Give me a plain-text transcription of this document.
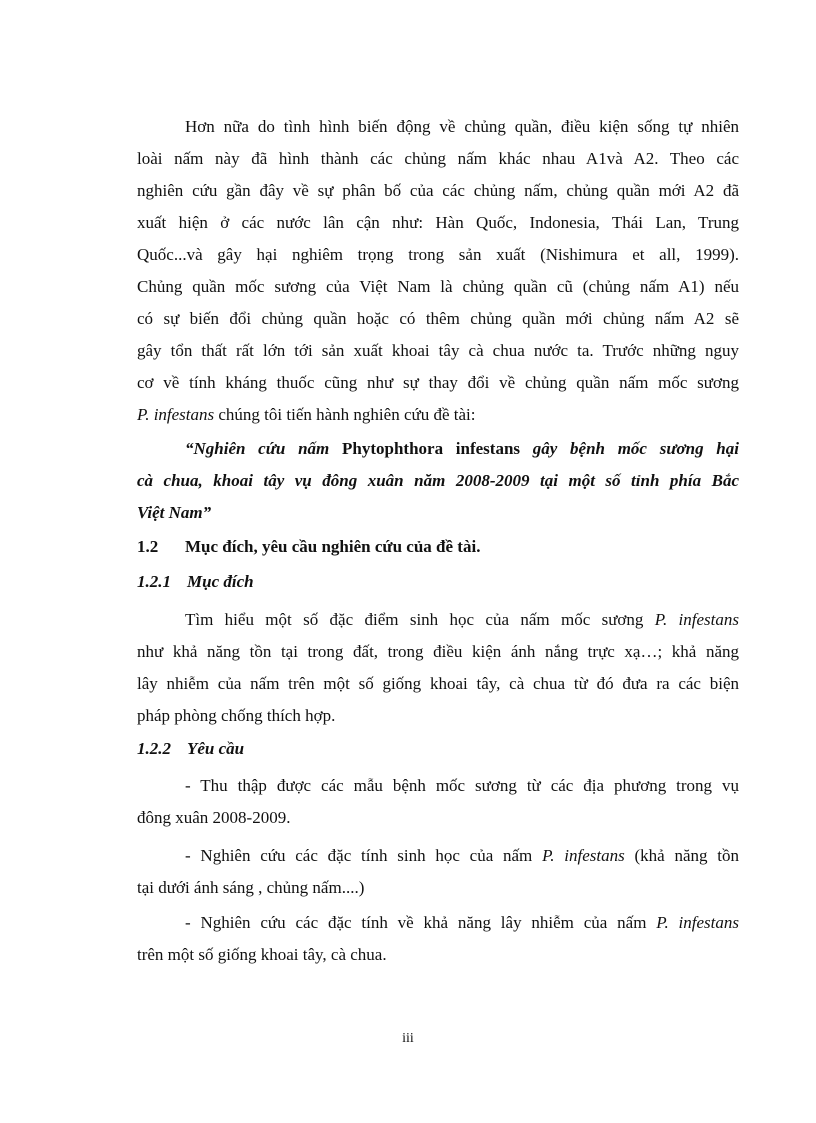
Hơn nữa do tình hình biến động về chủng quần, điều kiện sống tự nhiên
loài nấm này đã hình thành các chủng nấm khác nhau A1và A2. Theo các
nghiên cứu gần đây về sự phân bố của các chủng nấm, chủng quần mới A2 đã
xuất hiện ở các nước lân cận như: Hàn Quốc, Indonesia, Thái Lan, Trung
Quốc...và gây hại nghiêm trọng trong sản xuất (Nishimura et all, 1999).
Chủng quần mốc sương của Việt Nam là chủng quần cũ (chủng nấm A1) nếu
có sự biến đổi chủng quần hoặc có thêm chủng quần mới chủng nấm A2 sẽ
gây tổn thất rất lớn tới sản xuất khoai tây cà chua nước ta. Trước những nguy
cơ về tính kháng thuốc cũng như sự thay đổi về chủng quần nấm mốc sương
P. infestans chúng tôi tiến hành nghiên cứu đề tài:
“Nghiên cứu nấm Phytophthora infestans gây bệnh mốc sương hại
cà chua, khoai tây vụ đông xuân năm 2008-2009 tại một số tỉnh phía Bắc
Việt Nam”
1.2 Mục đích, yêu cầu nghiên cứu của đề tài.
1.2.1 Mục đích
Tìm hiểu một số đặc điểm sinh học của nấm mốc sương P. infestans
như khả năng tồn tại trong đất, trong điều kiện ánh nắng trực xạ…; khả năng
lây nhiễm của nấm trên một số giống khoai tây, cà chua từ đó đưa ra các biện
pháp phòng chống thích hợp.
1.2.2 Yêu cầu
- Thu thập được các mẫu bệnh mốc sương từ các địa phương trong vụ
đông xuân 2008-2009.
- Nghiên cứu các đặc tính sinh học của nấm P. infestans (khả năng tồn
tại dưới ánh sáng , chủng nấm....)
- Nghiên cứu các đặc tính về khả năng lây nhiễm của nấm P. infestans
trên một số giống khoai tây, cà chua.
iii
